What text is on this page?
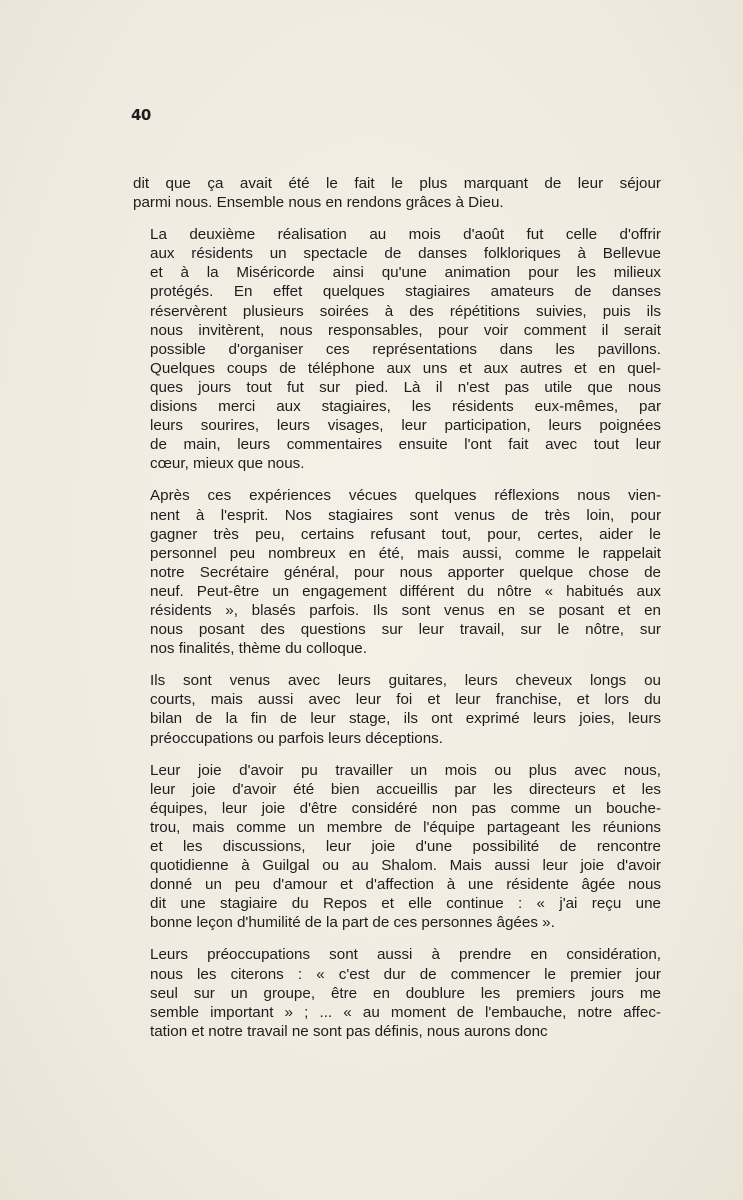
40
dit que ça avait été le fait le plus marquant de leur séjour
parmi nous. Ensemble nous en rendons grâces à Dieu.
La deuxième réalisation au mois d'août fut celle d'offrir
aux résidents un spectacle de danses folkloriques à Bellevue
et à la Miséricorde ainsi qu'une animation pour les milieux
protégés. En effet quelques stagiaires amateurs de danses
réservèrent plusieurs soirées à des répétitions suivies, puis ils
nous invitèrent, nous responsables, pour voir comment il serait
possible d'organiser ces représentations dans les pavillons.
Quelques coups de téléphone aux uns et aux autres et en quel-
ques jours tout fut sur pied. Là il n'est pas utile que nous
disions merci aux stagiaires, les résidents eux-mêmes, par
leurs sourires, leurs visages, leur participation, leurs poignées
de main, leurs commentaires ensuite l'ont fait avec tout leur
cœur, mieux que nous.
Après ces expériences vécues quelques réflexions nous vien-
nent à l'esprit. Nos stagiaires sont venus de très loin, pour
gagner très peu, certains refusant tout, pour, certes, aider le
personnel peu nombreux en été, mais aussi, comme le rappelait
notre Secrétaire général, pour nous apporter quelque chose de
neuf. Peut-être un engagement différent du nôtre « habitués aux
résidents », blasés parfois. Ils sont venus en se posant et en
nous posant des questions sur leur travail, sur le nôtre, sur
nos finalités, thème du colloque.
Ils sont venus avec leurs guitares, leurs cheveux longs ou
courts, mais aussi avec leur foi et leur franchise, et lors du
bilan de la fin de leur stage, ils ont exprimé leurs joies, leurs
préoccupations ou parfois leurs déceptions.
Leur joie d'avoir pu travailler un mois ou plus avec nous,
leur joie d'avoir été bien accueillis par les directeurs et les
équipes, leur joie d'être considéré non pas comme un bouche-
trou, mais comme un membre de l'équipe partageant les réunions
et les discussions, leur joie d'une possibilité de rencontre
quotidienne à Guilgal ou au Shalom. Mais aussi leur joie d'avoir
donné un peu d'amour et d'affection à une résidente âgée nous
dit une stagiaire du Repos et elle continue : « j'ai reçu une
bonne leçon d'humilité de la part de ces personnes âgées ».
Leurs préoccupations sont aussi à prendre en considération,
nous les citerons : « c'est dur de commencer le premier jour
seul sur un groupe, être en doublure les premiers jours me
semble important » ; ... « au moment de l'embauche, notre affec-
tation et notre travail ne sont pas définis, nous aurons donc
